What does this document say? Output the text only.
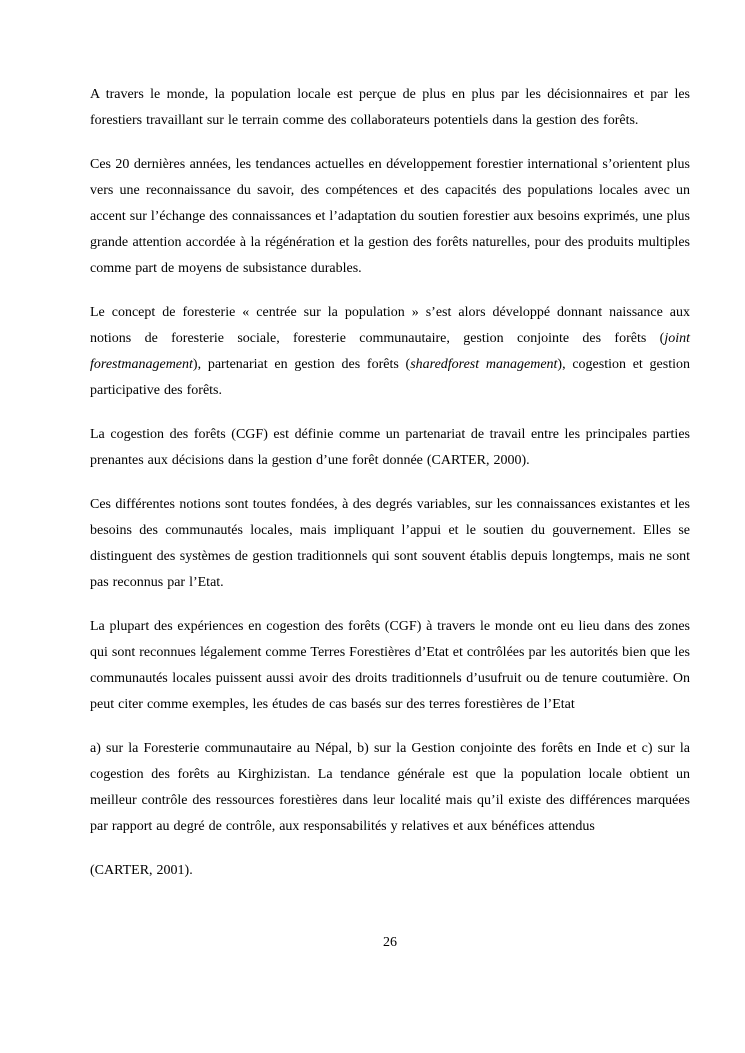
A travers le monde, la population locale est perçue de plus en plus par les décisionnaires et par les forestiers travaillant sur le terrain comme des collaborateurs potentiels dans la gestion des forêts.

Ces 20 dernières années, les tendances actuelles en développement forestier international s’orientent plus vers une reconnaissance du savoir, des compétences et des capacités des populations locales avec un accent sur l’échange des connaissances et l’adaptation du soutien forestier aux besoins exprimés, une plus grande attention accordée à la régénération et la gestion des forêts naturelles, pour des produits multiples comme part de moyens de subsistance durables.

Le concept de foresterie « centrée sur la population » s’est alors développé donnant naissance aux notions de foresterie sociale, foresterie communautaire, gestion conjointe des forêts (joint forestmanagement), partenariat en gestion des forêts (sharedforest management), cogestion et gestion participative des forêts.

La cogestion des forêts (CGF) est définie comme un partenariat de travail entre les principales parties prenantes aux décisions dans la gestion d’une forêt donnée (CARTER, 2000).

Ces différentes notions sont toutes fondées, à des degrés variables, sur les connaissances existantes et les besoins des communautés locales, mais impliquant l’appui et le soutien du gouvernement. Elles se distinguent des systèmes de gestion traditionnels qui sont souvent établis depuis longtemps, mais ne sont pas reconnus par l’Etat.

La plupart des expériences en cogestion des forêts (CGF) à travers le monde ont eu lieu dans des zones qui sont reconnues légalement comme Terres Forestières d’Etat et contrôlées par les autorités bien que les communautés locales puissent aussi avoir des droits traditionnels d’usufruit ou de tenure coutumière. On peut citer comme exemples, les études de cas basés sur des terres forestières de l’Etat

a) sur la Foresterie communautaire au Népal, b) sur la Gestion conjointe des forêts en Inde et c) sur la cogestion des forêts au Kirghizistan. La tendance générale est que la population locale obtient un meilleur contrôle des ressources forestières dans leur localité mais qu’il existe des différences marquées par rapport au degré de contrôle, aux responsabilités y relatives et aux bénéfices attendus

(CARTER, 2001).

26
